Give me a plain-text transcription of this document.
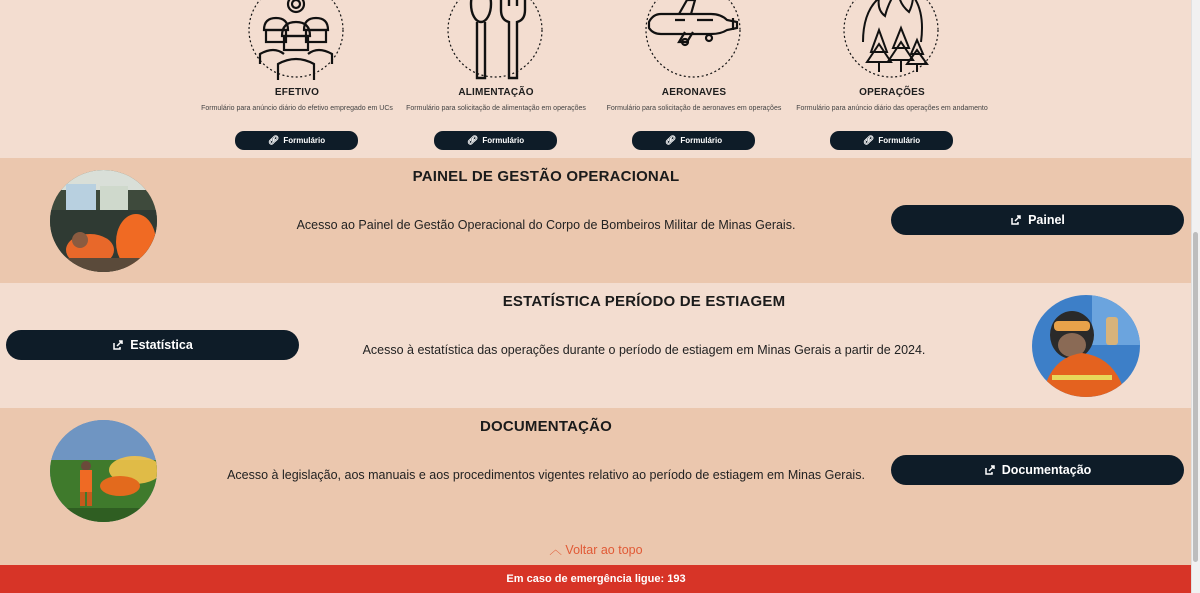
EFETIVO
Formulário para anúncio diário do efetivo empregado em UCs
🔗︎ Formulário
ALIMENTAÇÃO
Formulário para solicitação de alimentação em operações
🔗︎ Formulário
AERONAVES
Formulário para solicitação de aeronaves em operações
🔗︎ Formulário
OPERAÇÕES
Formulário para anúncio diário das operações em andamento
🔗︎ Formulário
PAINEL DE GESTÃO OPERACIONAL
Acesso ao Painel de Gestão Operacional do Corpo de Bombeiros Militar de Minas Gerais.	Painel
ESTATÍSTICA PERÍODO DE ESTIAGEM
Estatística	Acesso à estatística das operações durante o período de estiagem em Minas Gerais a partir de 2024.
DOCUMENTAÇÃO
Acesso à legislação, aos manuais e aos procedimentos vigentes relativo ao período de estiagem em Minas Gerais.	Documentação
︿ Voltar ao topo
Em caso de emergência ligue: 193
